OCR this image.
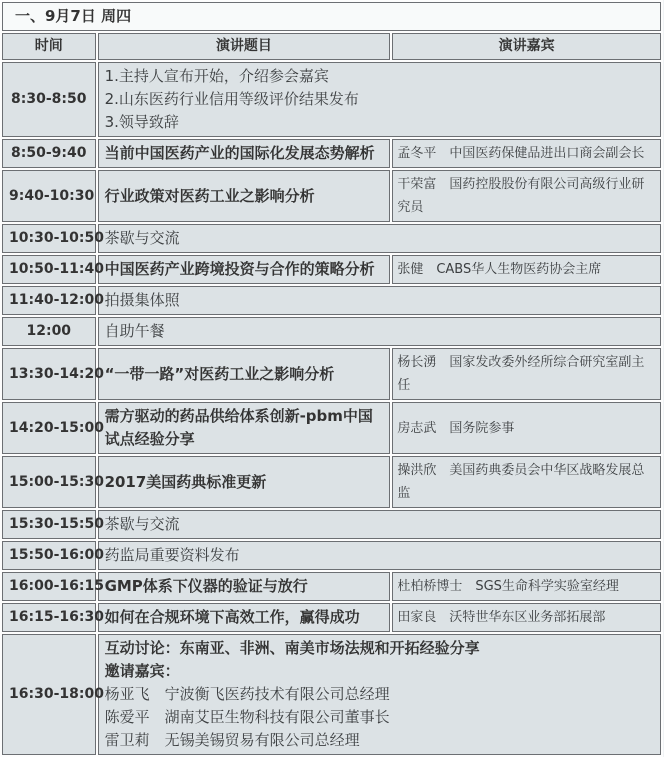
一、9月7日 周四		
时间	演讲题目	演讲嘉宾
8:30-8:50	1.主持人宣布开始，介绍参会嘉宾
2.山东医药行业信用等级评价结果发布
3.领导致辞	

8:50-9:40	当前中国医药产业的国际化发展态势解析	孟冬平　中国医药保健品进出口商会副会长
9:40-10:30	行业政策对医药工业之影响分析	干荣富　国药控股股份有限公司高级行业研究员
10:30-10:50	茶歇与交流	

10:50-11:40	中国医药产业跨境投资与合作的策略分析	张健　CABS华人生物医药协会主席
11:40-12:00	拍摄集体照	

12:00	自助午餐	

13:30-14:20	“一带一路”对医药工业之影响分析	杨长湧　国家发改委外经所综合研究室副主任
14:20-15:00	需方驱动的药品供给体系创新-pbm中国试点经验分享	房志武　国务院参事
15:00-15:30	2017美国药典标准更新	操洪欣　美国药典委员会中华区战略发展总监
15:30-15:50	茶歇与交流	

15:50-16:00	药监局重要资料发布	

16:00-16:15	GMP体系下仪器的验证与放行	杜柏桥博士　SGS生命科学实验室经理
16:15-16:30	如何在合规环境下高效工作，赢得成功	田家良　沃特世华东区业务部拓展部
16:30-18:00	互动讨论：东南亚、非洲、南美市场法规和开拓经验分享
邀请嘉宾：
杨亚飞　宁波衡飞医药技术有限公司总经理
陈爱平　湖南艾臣生物科技有限公司董事长
雷卫莉　无锡美锡贸易有限公司总经理	
